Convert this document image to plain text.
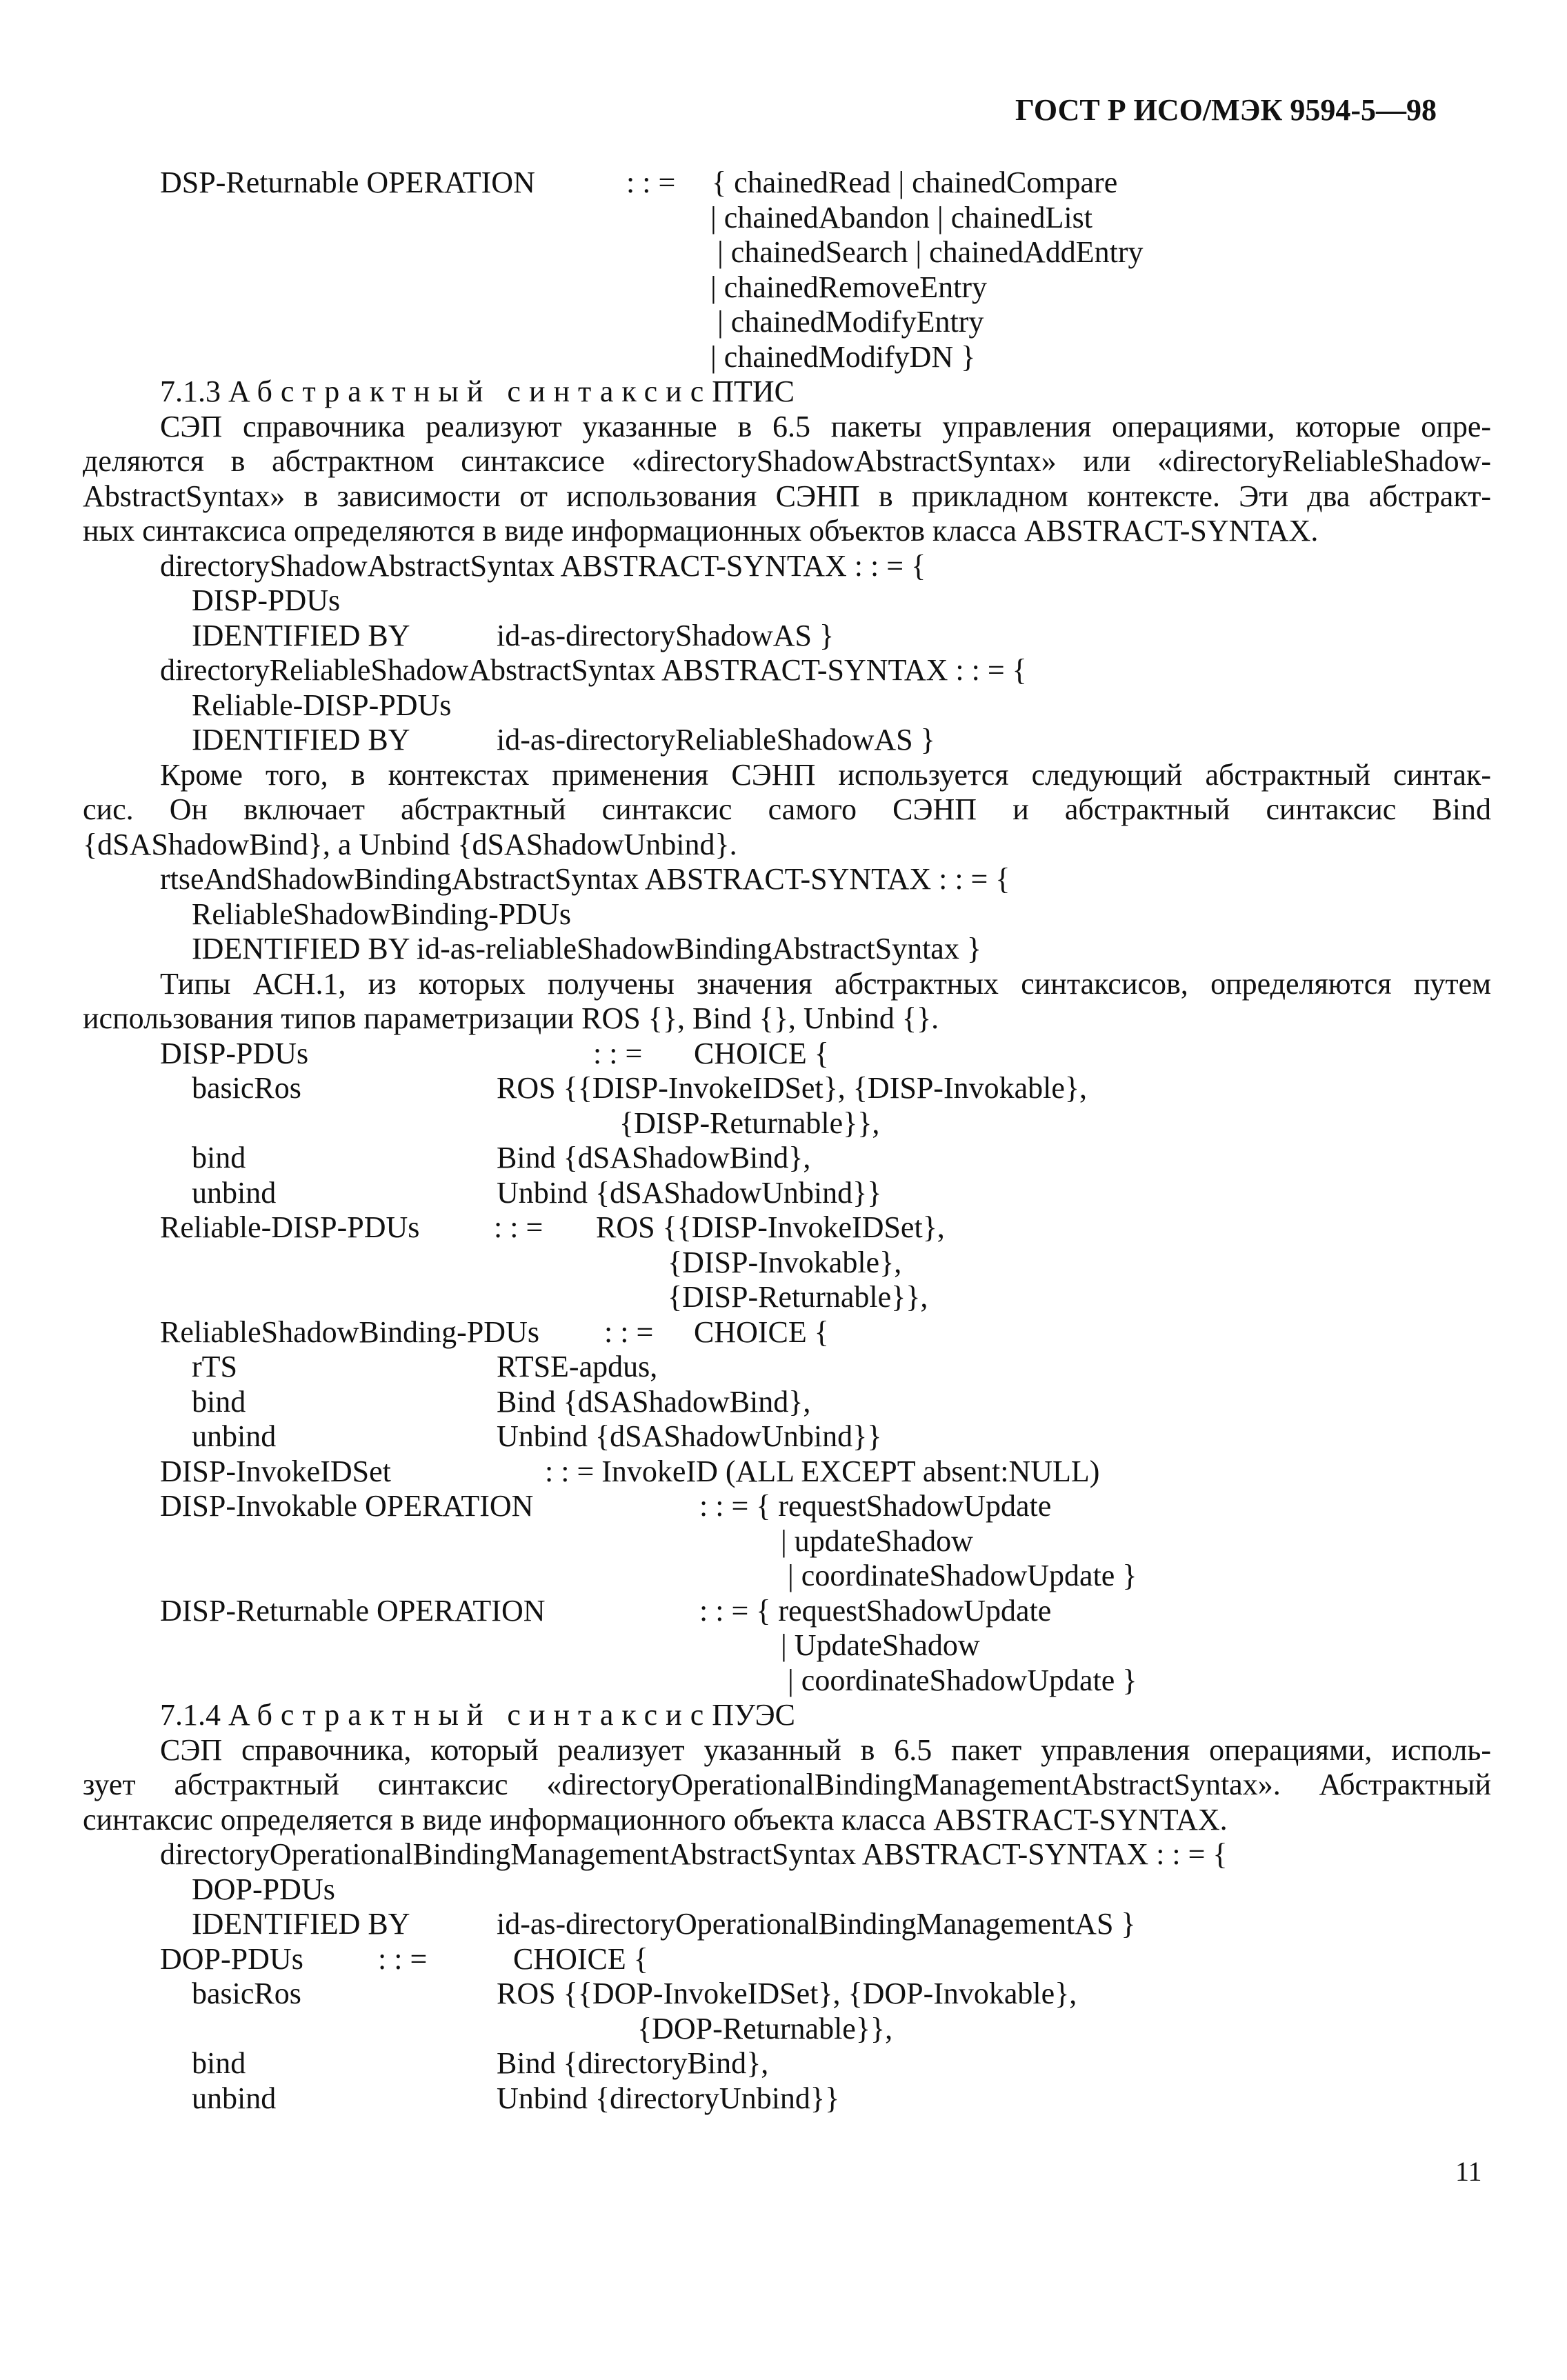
ГОСТ Р ИСО/МЭК 9594-5—98
DSP-Returnable OPERATION	: : = { chainedRead | chainedCompare
| chainedAbandon | chainedList
| chainedSearch | chainedAddEntry
| chainedRemoveEntry
| chainedModifyEntry
| chainedModifyDN }
7.1.3 Абстрактный синтаксисПТИС
СЭП справочника реализуют указанные в 6.5 пакеты управления операциями, которые опре-
деляются в абстрактном синтаксисе «directoryShadowAbstractSyntax» или «directoryReliableShadow-
AbstractSyntax» в зависимости от использования СЭНП в прикладном контексте. Эти два абстракт-
ных синтаксиса определяются в виде информационных объектов класса ABSTRACT-SYNTAX.
directoryShadowAbstractSyntax ABSTRACT-SYNTAX : : = {
DISP-PDUs
IDENTIFIED BY	id-as-directoryShadowAS }
directoryReliableShadowAbstractSyntax ABSTRACT-SYNTAX : : = {
Reliable-DISP-PDUs
IDENTIFIED BY	id-as-directoryReliableShadowAS }
Кроме того, в контекстах применения СЭНП используется следующий абстрактный синтак-
сис. Он включает абстрактный синтаксис самого СЭНП и абстрактный синтаксис Bind
{dSAShadowBind}, a Unbind {dSAShadowUnbind}.
rtseAndShadowBindingAbstractSyntax ABSTRACT-SYNTAX : : = {
ReliableShadowBinding-PDUs
IDENTIFIED BY id-as-reliableShadowBindingAbstractSyntax }
Типы АСН.1, из которых получены значения абстрактных синтаксисов, определяются путем
использования типов параметризации ROS {}, Bind {}, Unbind {}.
DISP-PDUs	: : = CHOICE {
basicRos	ROS {{DISP-InvokeIDSet}, {DISP-Invokable},
{DISP-Returnable}},
bind	Bind {dSAShadowBind},
unbind	Unbind {dSAShadowUnbind}}
Reliable-DISP-PDUs : : = ROS {{DISP-InvokeIDSet},
{DISP-Invokable},
{DISP-Returnable}},
ReliableShadowBinding-PDUs : : = CHOICE {
rTS	RTSE-apdus,
bind	Bind {dSAShadowBind},
unbind	Unbind {dSAShadowUnbind}}
DISP-InvokeIDSet	: : = InvokeID (ALL EXCEPT absent:NULL)
DISP-Invokable OPERATION	: : = { requestShadowUpdate
| updateShadow
| coordinateShadowUpdate }
DISP-Returnable OPERATION	: : = { requestShadowUpdate
| UpdateShadow
| coordinateShadowUpdate }
7.1.4 Абстрактный синтаксисПУЭС
СЭП справочника, который реализует указанный в 6.5 пакет управления операциями, исполь-
зует абстрактный синтаксис «directoryOperationalBindingManagementAbstractSyntax». Абстрактный
синтаксис определяется в виде информационного объекта класса ABSTRACT-SYNTAX.
directoryOperationalBindingManagementAbstractSyntax ABSTRACT-SYNTAX : : = {
DOP-PDUs
IDENTIFIED BY	id-as-directoryOperationalBindingManagementAS }
DOP-PDUs : : =	CHOICE {
basicRos	ROS {{DOP-InvokeIDSet}, {DOP-Invokable},
{DOP-Returnable}},
bind	Bind {directoryBind},
unbind	Unbind {directoryUnbind}}
11
